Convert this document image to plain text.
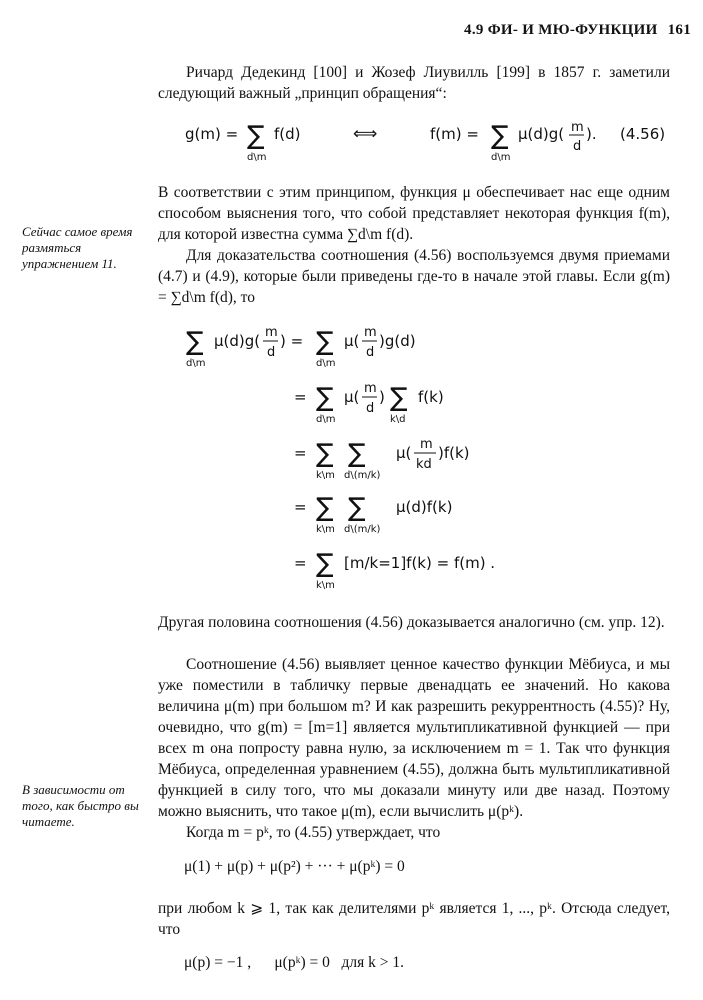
4.9 ФИ- И МЮ-ФУНКЦИИ 161
Ричард Дедекинд [100] и Жозеф Лиувилль [199] в 1857 г. заметили следующий важный „принцип обращения“:
g(m) = ∑
d\m
f(d)	⟺	f(m) = ∑
d\m
μ(d)g( m
d
). (4.56)
В соответствии с этим принципом, функция μ обеспечивает нас еще одним способом выяснения того, что собой представляет некоторая функция f(m), для которой известна сумма ∑d\m f(d).
Сейчас самое время размяться упражнением 11.	Для доказательства соотношения (4.56) воспользуемся двумя приемами (4.7) и (4.9), которые были приведены где-то в начале этой главы. Если g(m) = ∑d\m f(d), то
∑
d\m
μ(d)g( m
d
) = ∑
d\m
μ( m
d
)g(d)
= ∑
d\m
μ( m
d
) ∑
k\d
f(k)
= ∑
k\m
∑
d\(m/k)
μ( m
kd
)f(k)
= ∑
k\m
∑
d\(m/k)
μ(d)f(k)
= ∑
k\m
[m/k=1]f(k) = f(m) .
Другая половина соотношения (4.56) доказывается аналогично (см. упр. 12).
Соотношение (4.56) выявляет ценное качество функции Мёбиуса, и мы уже поместили в табличку первые двенадцать ее значений. Но какова величина μ(m) при большом m? И как разрешить рекуррентность (4.55)? Ну, очевидно, что g(m) = [m=1] является мультипликативной функцией — при всех m она попросту равна нулю, за исключением m = 1. Так что функция Мёбиуса, определенная уравнением (4.55), должна быть мультипликативной функцией в силу того, что мы доказали минуту или две назад. Поэтому можно выяснить, что такое μ(m), если вычислить μ(pᵏ).
В зависимости от того, как быстро вы читаете.
Когда m = pᵏ, то (4.55) утверждает, что
μ(1) + μ(p) + μ(p²) + ··· + μ(pᵏ) = 0
при любом k ⩾ 1, так как делителями pᵏ является 1, ..., pᵏ. Отсюда следует, что
μ(p) = −1 ,      μ(pᵏ) = 0   для k > 1.
